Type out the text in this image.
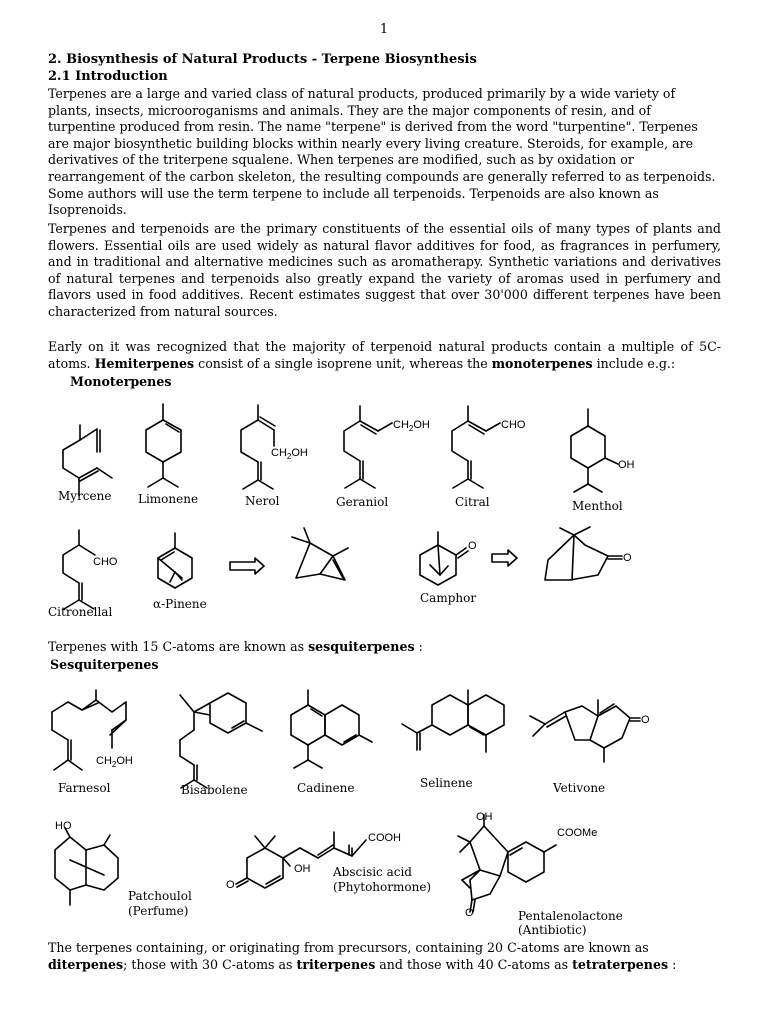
1
2. Biosynthesis of Natural Products - Terpene Biosynthesis
2.1 Introduction
Terpenes are a large and varied class of natural products, produced primarily by a wide variety of plants, insects, microoroganisms and animals. They are the major components of resin, and of turpentine produced from resin. The name "terpene" is derived from the word "turpentine". Terpenes are major biosynthetic building blocks within nearly every living creature. Steroids, for example, are derivatives of the triterpene squalene. When terpenes are modified, such as by oxidation or rearrangement of the carbon skeleton, the resulting compounds are generally referred to as terpenoids. Some authors will use the term terpene to include all terpenoids. Terpenoids are also known as Isoprenoids.
Terpenes and terpenoids are the primary constituents of the essential oils of many types of plants and flowers. Essential oils are used widely as natural flavor additives for food, as fragrances in perfumery, and in traditional and alternative medicines such as aromatherapy. Synthetic variations and derivatives of natural terpenes and terpenoids also greatly expand the variety of aromas used in perfumery and flavors used in food additives. Recent estimates suggest that over 30'000 different terpenes have been characterized from natural sources.
Early on it was recognized that the majority of terpenoid natural products contain a multiple of 5C-atoms. Hemiterpenes consist of a single isoprene unit, whereas the monoterpenes include e.g.:
Monoterpenes
Myrcene Limonene
$CH_2OH$
Nerol
$CH_2OH$
Geraniol
CHO
Citral
OH
Menthol
CHO
Citronellal
α-Pinene
O
Camphor
O
Terpenes with 15 C-atoms are known as sesquiterpenes :
Sesquiterpenes
$CH_2OH$
Farnesol	Bisabolene	Cadinene	Selinene
O
Vetivone
HO
Patchoulol
(Perfume)
O
OH
COOH
Abscisic acid
(Phytohormone)
OH
COOMe
O	Pentalenolactone
(Antibiotic)
The terpenes containing, or originating from precursors, containing 20 C-atoms are known as diterpenes; those with 30 C-atoms as triterpenes and those with 40 C-atoms as tetraterpenes :
